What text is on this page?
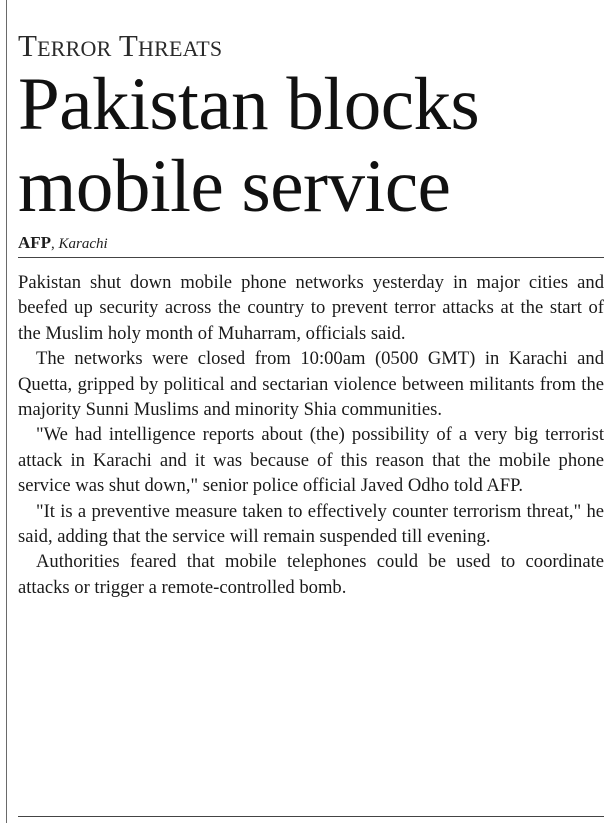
Terror Threats
Pakistan blocks
mobile service
AFP, Karachi

Pakistan shut down mobile phone networks yesterday in major cities and beefed up security across the country to prevent terror attacks at the start of the Muslim holy month of Muharram, officials said.

The networks were closed from 10:00am (0500 GMT) in Karachi and Quetta, gripped by political and sectarian violence between militants from the majority Sunni Muslims and minority Shia communities.

"We had intelligence reports about (the) possibility of a very big terrorist attack in Karachi and it was because of this reason that the mobile phone service was shut down," senior police official Javed Odho told AFP.

"It is a preventive measure taken to effectively counter terrorism threat," he said, adding that the service will remain suspended till evening.

Authorities feared that mobile telephones could be used to coordinate attacks or trigger a remote-controlled bomb.
